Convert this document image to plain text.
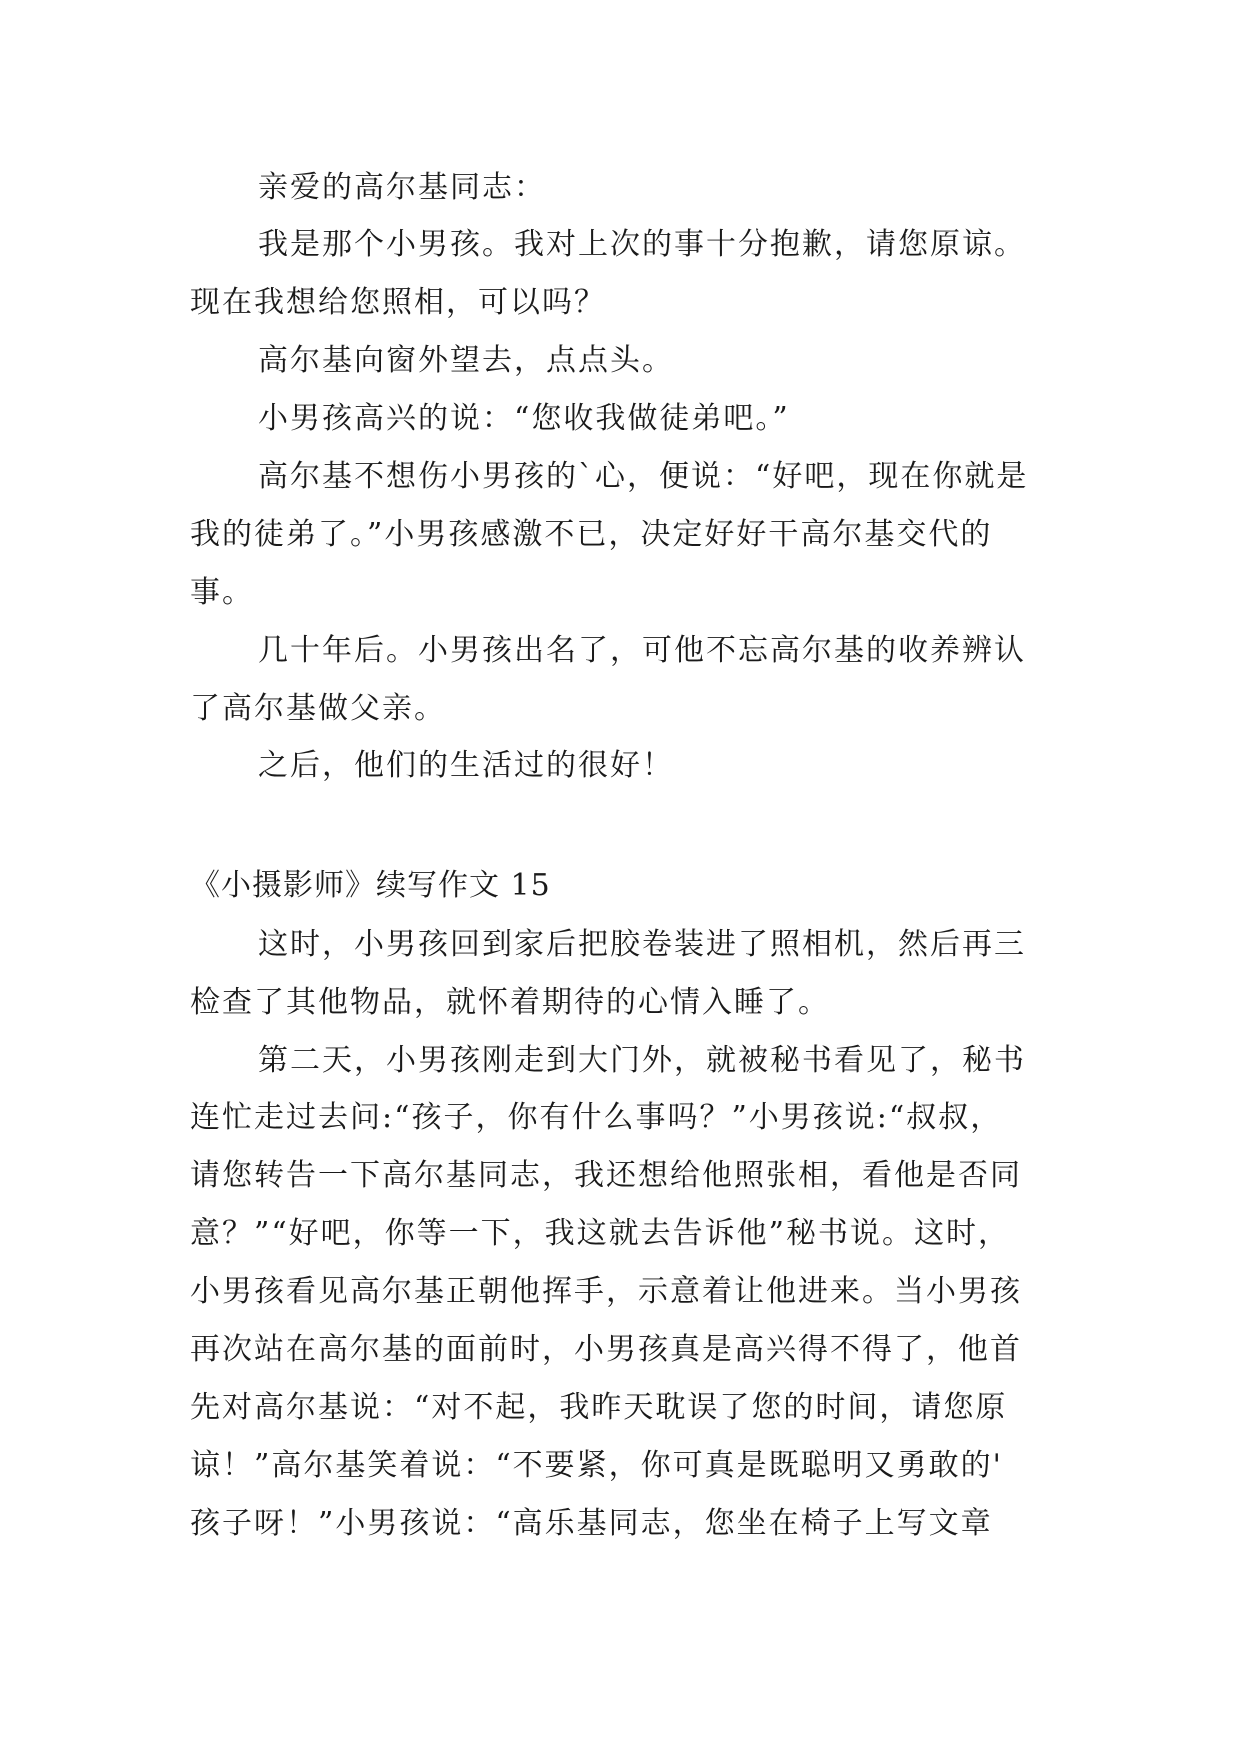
亲爱的高尔基同志：
我是那个小男孩。我对上次的事十分抱歉，请您原谅。
现在我想给您照相，可以吗？
高尔基向窗外望去，点点头。
小男孩高兴的说：“您收我做徒弟吧。”
高尔基不想伤小男孩的`心，便说：“好吧，现在你就是
我的徒弟了。”小男孩感激不已，决定好好干高尔基交代的
事。
几十年后。小男孩出名了，可他不忘高尔基的收养辨认
了高尔基做父亲。
之后，他们的生活过的很好！
《小摄影师》续写作文 15
这时，小男孩回到家后把胶卷装进了照相机，然后再三
检查了其他物品，就怀着期待的心情入睡了。
第二天，小男孩刚走到大门外，就被秘书看见了，秘书
连忙走过去问:“孩子，你有什么事吗？”小男孩说:“叔叔，
请您转告一下高尔基同志，我还想给他照张相，看他是否同
意？”“好吧，你等一下，我这就去告诉他”秘书说。这时，
小男孩看见高尔基正朝他挥手，示意着让他进来。当小男孩
再次站在高尔基的面前时，小男孩真是高兴得不得了，他首
先对高尔基说：“对不起，我昨天耽误了您的时间，请您原
谅！”高尔基笑着说：“不要紧，你可真是既聪明又勇敢的'
孩子呀！”小男孩说：“高乐基同志，您坐在椅子上写文章
